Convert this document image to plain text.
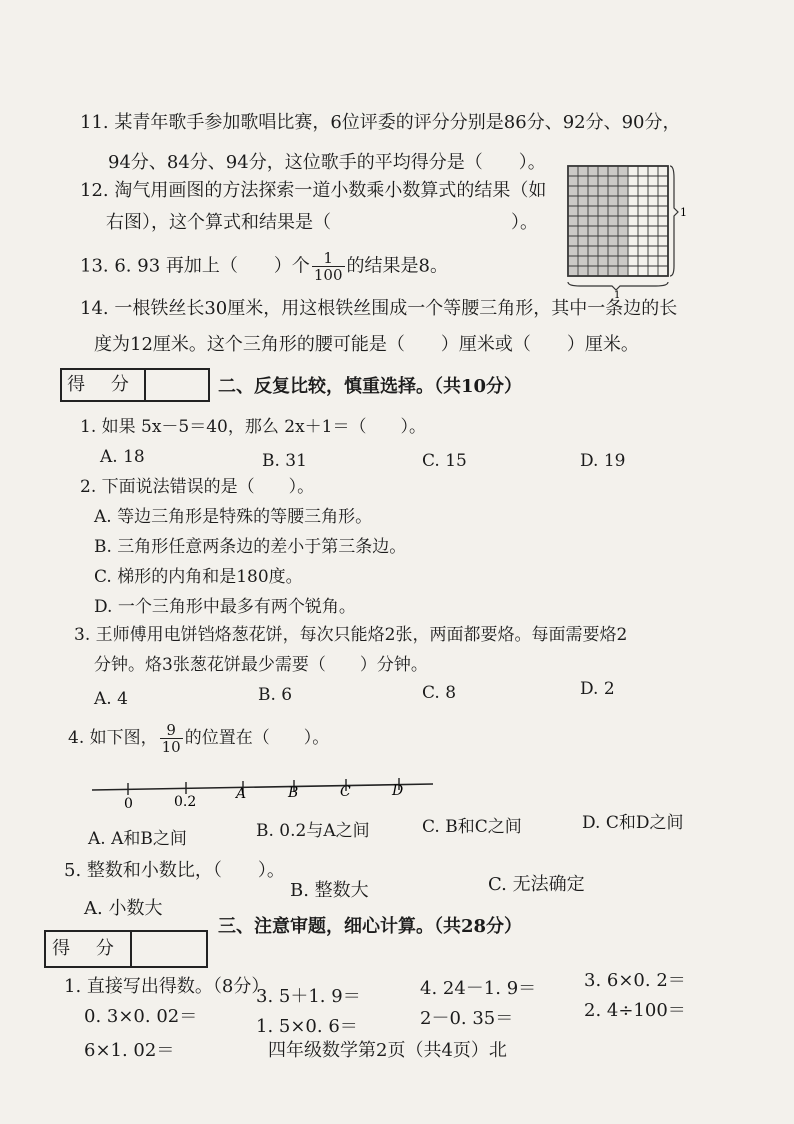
11. 某青年歌手参加歌唱比赛，6位评委的评分分别是86分、92分、90分，
94分、84分、94分，这位歌手的平均得分是（　　）。
12. 淘气用画图的方法探索一道小数乘小数算式的结果（如
右图），这个算式和结果是（　　　　　　　　　　）。	1
1
13. 6. 93 再加上（　　）个 $\frac{1}{100}$ 的结果是8。
14. 一根铁丝长30厘米，用这根铁丝围成一个等腰三角形，其中一条边的长
度为12厘米。这个三角形的腰可能是（　　）厘米或（　　）厘米。
得 分	二、反复比较，慎重选择。（共10分）
1. 如果 5x－5＝40，那么 2x＋1＝（　　）。
A. 18	B. 31	C. 15	D. 19
2. 下面说法错误的是（　　）。
A. 等边三角形是特殊的等腰三角形。
B. 三角形任意两条边的差小于第三条边。
C. 梯形的内角和是180度。
D. 一个三角形中最多有两个锐角。
3. 王师傅用电饼铛烙葱花饼，每次只能烙2张，两面都要烙。每面需要烙2
分钟。烙3张葱花饼最少需要（　　）分钟。
A. 4	B. 6	C. 8	D. 2
4. 如下图， $\frac{9}{10}$ 的位置在（　　）。
0	0.2	A	B	C	D
A. A和B之间	B. 0.2与A之间	C. B和C之间	D. C和D之间
5. 整数和小数比，（　　）。
A. 小数大
B. 整数大	C. 无法确定
得 分
三、注意审题，细心计算。（共28分）
1. 直接写出得数。（8分）
0. 3×0. 02＝
3. 5＋1. 9＝	4. 24－1. 9＝	3. 6×0. 2＝
6×1. 02＝
1. 5×0. 6＝	2－0. 35＝	2. 4÷100＝
四年级数学第2页（共4页）北
